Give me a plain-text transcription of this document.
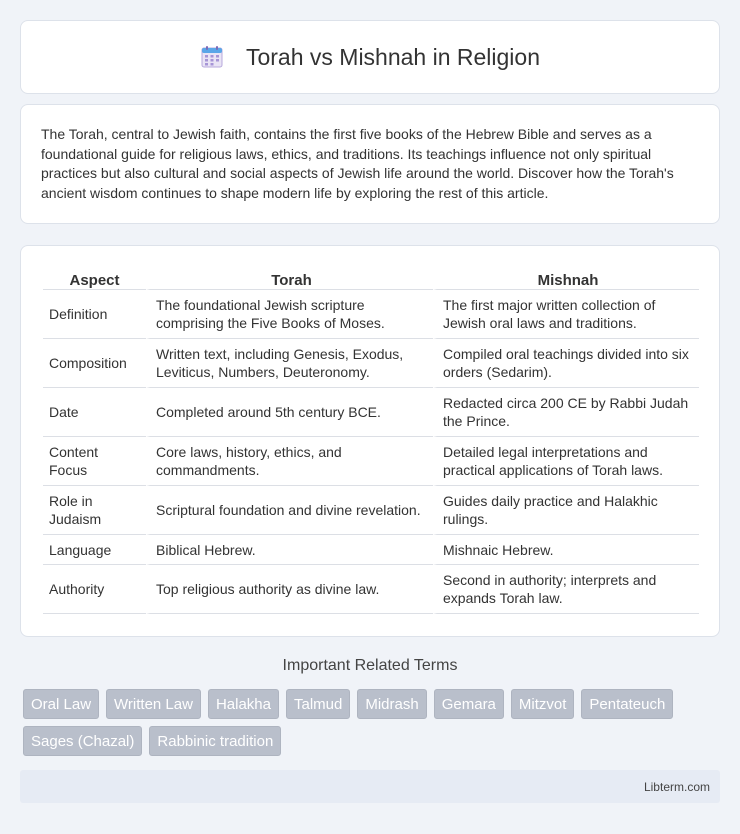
Torah vs Mishnah in Religion

The Torah, central to Jewish faith, contains the first five books of the Hebrew Bible and serves as a foundational guide for religious laws, ethics, and traditions. Its teachings influence not only spiritual practices but also cultural and social aspects of Jewish life around the world. Discover how the Torah's ancient wisdom continues to shape modern life by exploring the rest of this article.

Aspect	Torah	Mishnah
Definition	The foundational Jewish scripture comprising the Five Books of Moses.	The first major written collection of Jewish oral laws and traditions.
Composition	Written text, including Genesis, Exodus, Leviticus, Numbers, Deuteronomy.	Compiled oral teachings divided into six orders (Sedarim).
Date	Completed around 5th century BCE.	Redacted circa 200 CE by Rabbi Judah the Prince.
Content Focus	Core laws, history, ethics, and commandments.	Detailed legal interpretations and practical applications of Torah laws.
Role in Judaism	Scriptural foundation and divine revelation.	Guides daily practice and Halakhic rulings.
Language	Biblical Hebrew.	Mishnaic Hebrew.
Authority	Top religious authority as divine law.	Second in authority; interprets and expands Torah law.
Important Related Terms
Oral Law	Written Law	Halakha	Talmud	Midrash	Gemara	Mitzvot	Pentateuch
Sages (Chazal)	Rabbinic tradition
Libterm.com
